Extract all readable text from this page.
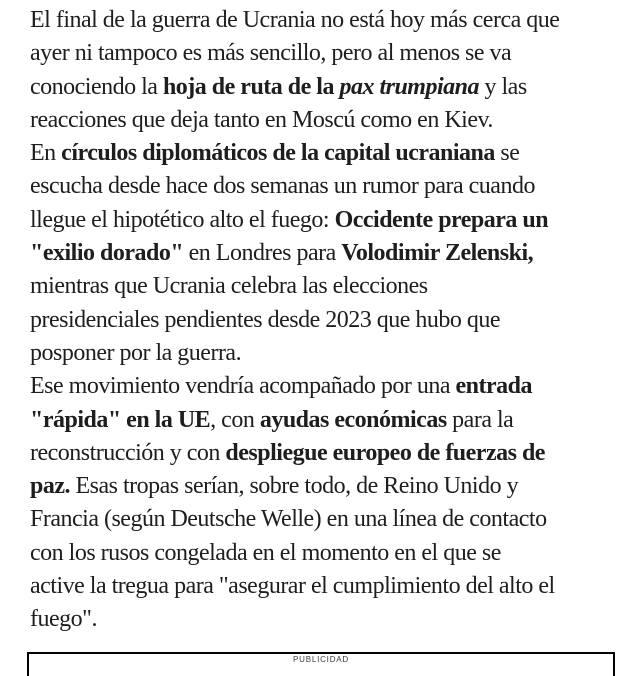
El final de la guerra de Ucrania no está hoy más cerca que
ayer ni tampoco es más sencillo, pero al menos se va
conociendo la hoja de ruta de la pax trumpiana y las
reacciones que deja tanto en Moscú como en Kiev.
En círculos diplomáticos de la capital ucraniana se
escucha desde hace dos semanas un rumor para cuando
llegue el hipotético alto el fuego: Occidente prepara un
"exilio dorado" en Londres para Volodimir Zelenski,
mientras que Ucrania celebra las elecciones
presidenciales pendientes desde 2023 que hubo que
posponer por la guerra.
Ese movimiento vendría acompañado por una entrada
"rápida" en la UE, con ayudas económicas para la
reconstrucción y con despliegue europeo de fuerzas de
paz. Esas tropas serían, sobre todo, de Reino Unido y
Francia (según Deutsche Welle) en una línea de contacto
con los rusos congelada en el momento en el que se
active la tregua para "asegurar el cumplimiento del alto el
fuego".
PUBLICIDAD
